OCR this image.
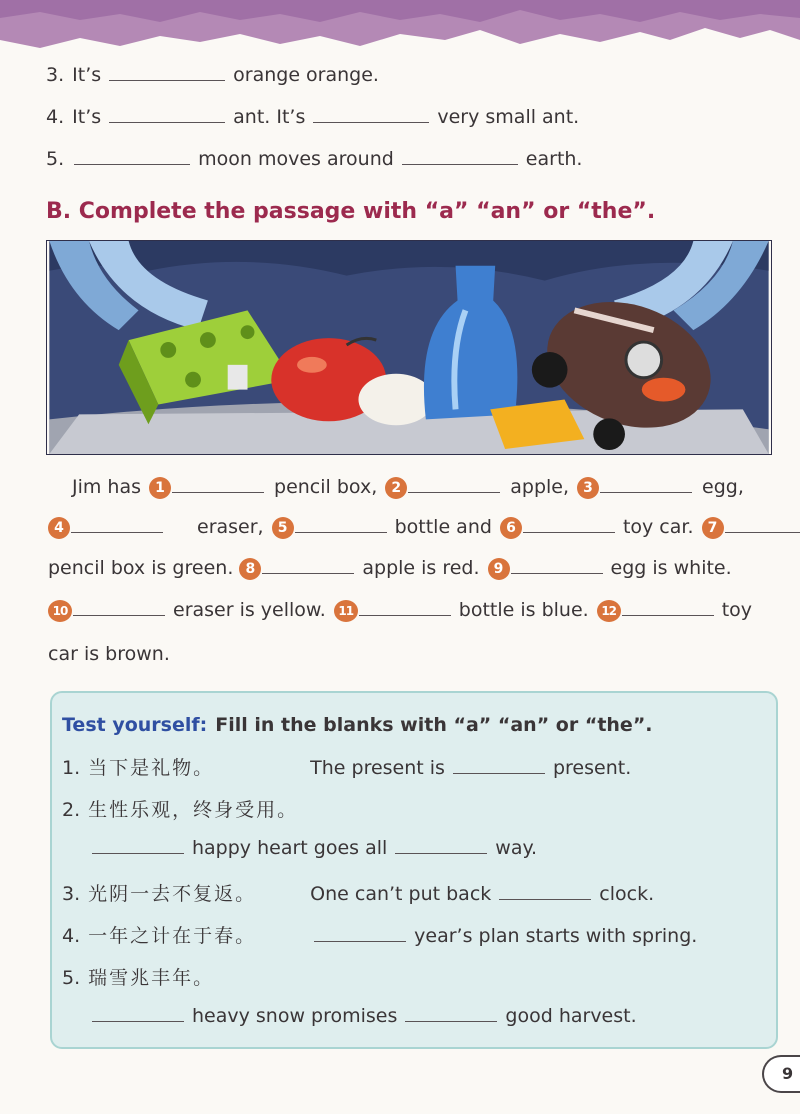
3. It’s	orange orange.
4. It’s	ant. It’s	very small ant.
5.	moon moves around	earth.
B. Complete the passage with “a” “an” or “the”.
Jim has	1	pencil box,	2	apple,	3	egg,
4	eraser,	5	bottle and	6	toy car.	7
pencil box is green. 8	apple is red.	9	egg is white.
10	eraser is yellow.	11	bottle is blue.	12	toy
car is brown.
Test yourself: Fill in the blanks with “a” “an” or “the”.
1. 当下是礼物。	The present is	present.
2. 生性乐观，终身受用。
happy heart goes all	way.
3. 光阴一去不复返。	One can’t put back	clock.
4. 一年之计在于春。	year’s plan starts with spring.
5. 瑞雪兆丰年。
heavy snow promises	good harvest.
9
